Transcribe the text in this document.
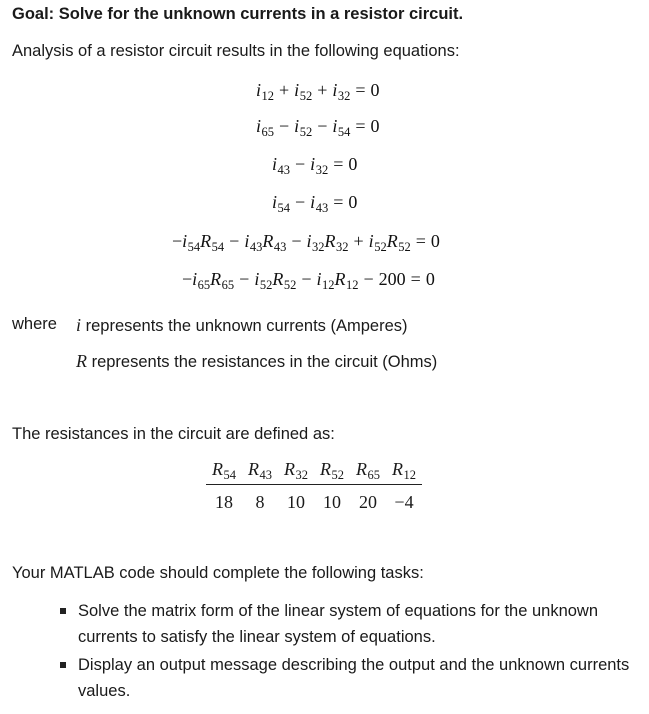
Goal: Solve for the unknown currents in a resistor circuit.
Analysis of a resistor circuit results in the following equations:
$i_{12} + i_{52} + i_{32} = 0$
$i_{65} - i_{52} - i_{54} = 0$
$i_{43} - i_{32} = 0$
$i_{54} - i_{43} = 0$
$-i_{54}R_{54} - i_{43}R_{43} - i_{32}R_{32} + i_{52}R_{52} = 0$
$-i_{65}R_{65} - i_{52}R_{52} - i_{12}R_{12} - 200 = 0$
where i represents the unknown currents (Amperes)
R represents the resistances in the circuit (Ohms)
The resistances in the circuit are defined as:
$R_{54}$	$R_{43}$	$R_{32}$	$R_{52}$	$R_{65}$	$R_{12}$
18	8	10	10	20	−4
Your MATLAB code should complete the following tasks:
Solve the matrix form of the linear system of equations for the unknown currents to satisfy the linear system of equations.
Display an output message describing the output and the unknown currents values.
